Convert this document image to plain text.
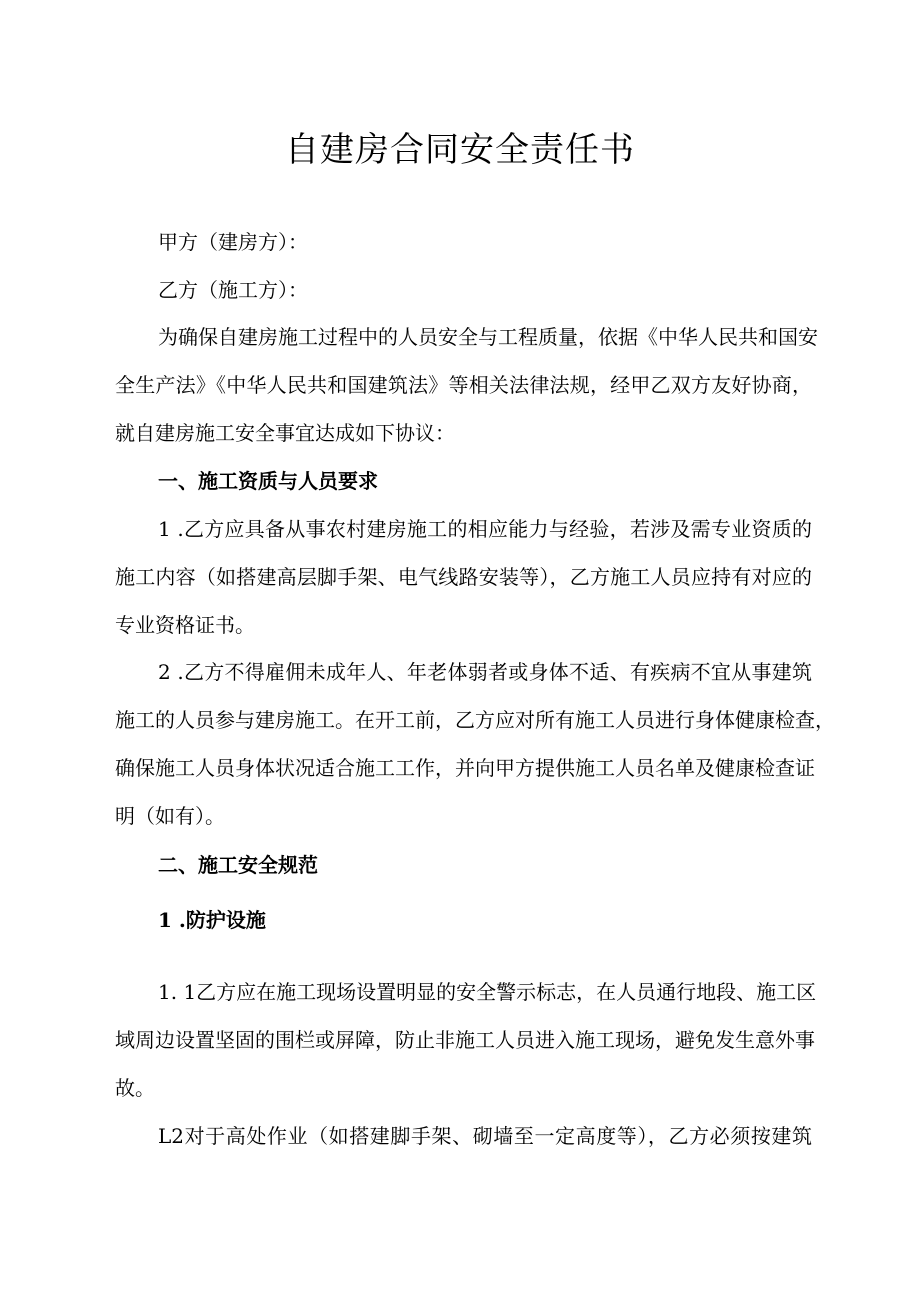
自建房合同安全责任书
甲方（建房方）：
乙方（施工方）：
为确保自建房施工过程中的人员安全与工程质量，依据《中华人民共和国安
全生产法》《中华人民共和国建筑法》等相关法律法规，经甲乙双方友好协商，
就自建房施工安全事宜达成如下协议：
一、施工资质与人员要求
1 .乙方应具备从事农村建房施工的相应能力与经验，若涉及需专业资质的
施工内容（如搭建高层脚手架、电气线路安装等），乙方施工人员应持有对应的
专业资格证书。
2 .乙方不得雇佣未成年人、年老体弱者或身体不适、有疾病不宜从事建筑
施工的人员参与建房施工。在开工前，乙方应对所有施工人员进行身体健康检查，
确保施工人员身体状况适合施工工作，并向甲方提供施工人员名单及健康检查证
明（如有）。
二、施工安全规范
1 .防护设施
1. 1乙方应在施工现场设置明显的安全警示标志，在人员通行地段、施工区
域周边设置坚固的围栏或屏障，防止非施工人员进入施工现场，避免发生意外事
故。
L2对于高处作业（如搭建脚手架、砌墙至一定高度等），乙方必须按建筑
